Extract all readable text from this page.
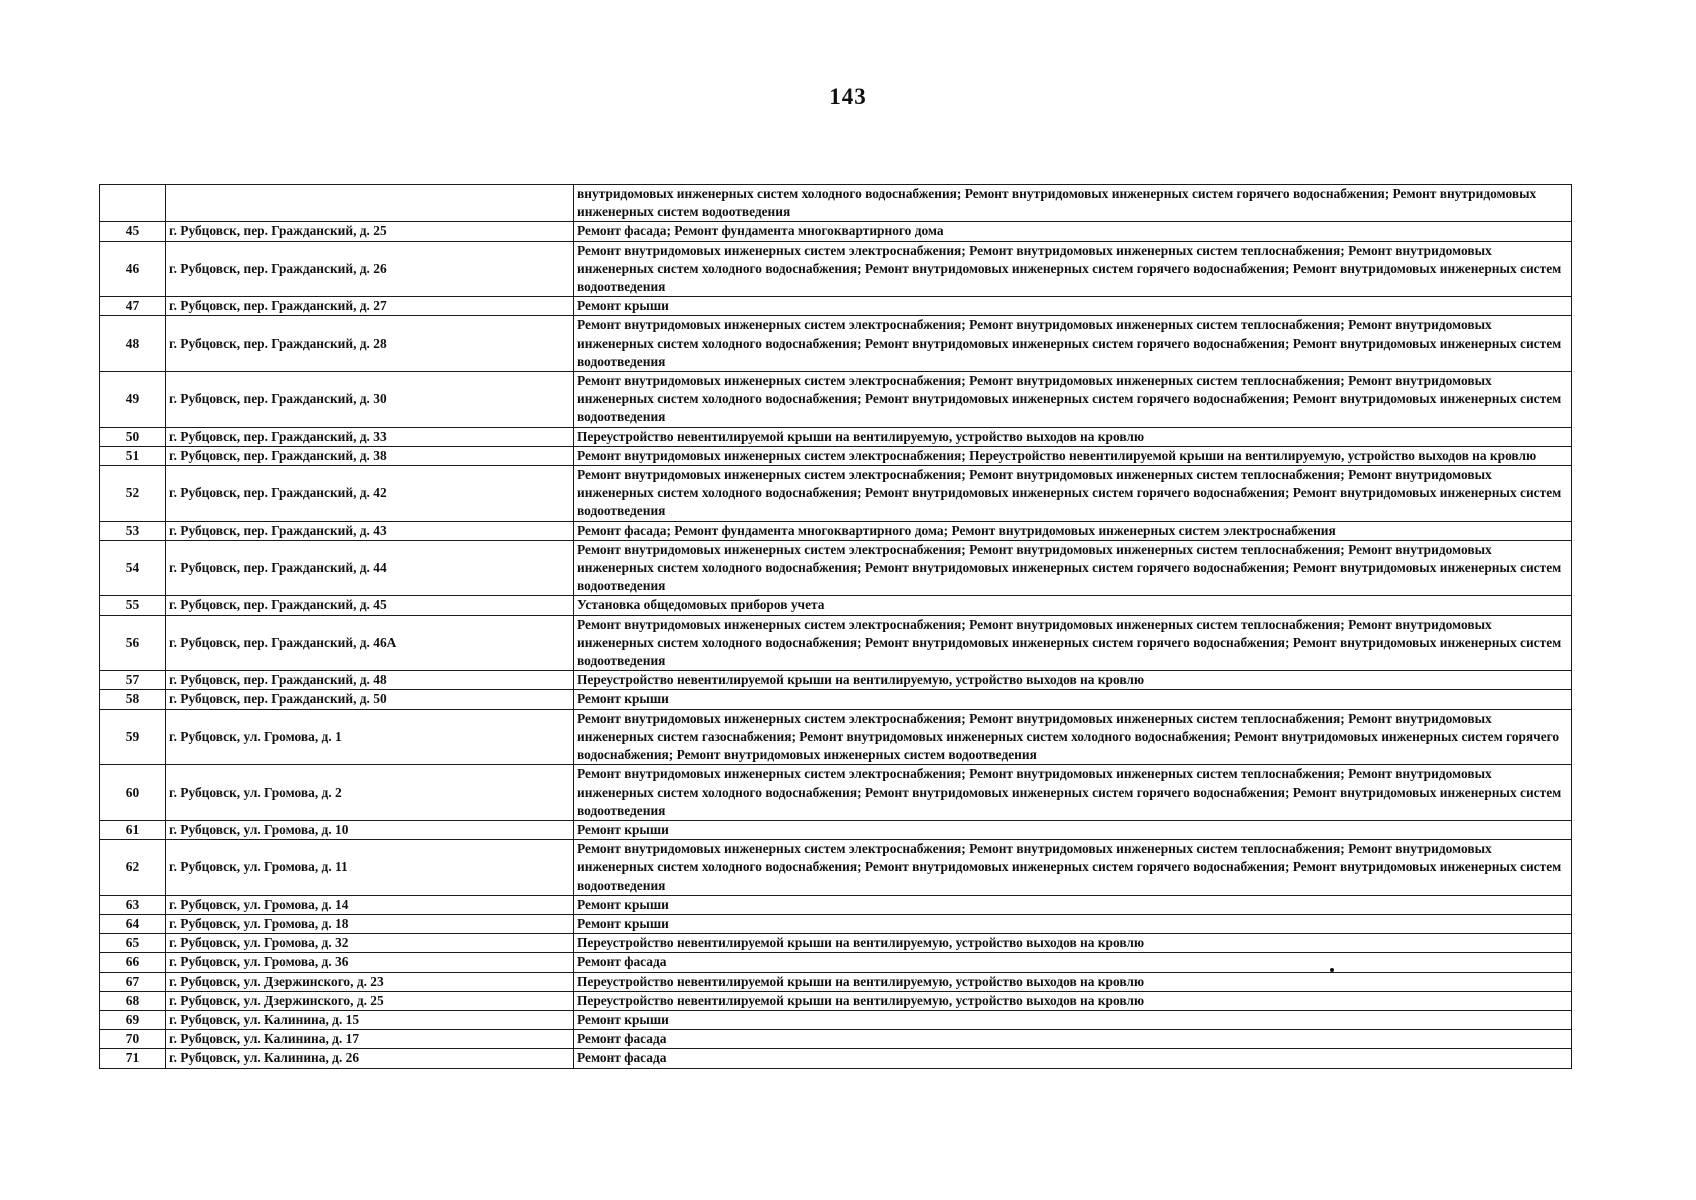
143
		внутридомовых инженерных систем холодного водоснабжения; Ремонт внутридомовых инженерных систем горячего водоснабжения; Ремонт внутридомовых инженерных систем водоотведения
45	г. Рубцовск, пер. Гражданский, д. 25	Ремонт фасада; Ремонт фундамента многоквартирного дома
46	г. Рубцовск, пер. Гражданский, д. 26	Ремонт внутридомовых инженерных систем электроснабжения; Ремонт внутридомовых инженерных систем теплоснабжения; Ремонт внутридомовых инженерных систем холодного водоснабжения; Ремонт внутридомовых инженерных систем горячего водоснабжения; Ремонт внутридомовых инженерных систем водоотведения
47	г. Рубцовск, пер. Гражданский, д. 27	Ремонт крыши
48	г. Рубцовск, пер. Гражданский, д. 28	Ремонт внутридомовых инженерных систем электроснабжения; Ремонт внутридомовых инженерных систем теплоснабжения; Ремонт внутридомовых инженерных систем холодного водоснабжения; Ремонт внутридомовых инженерных систем горячего водоснабжения; Ремонт внутридомовых инженерных систем водоотведения
49	г. Рубцовск, пер. Гражданский, д. 30	Ремонт внутридомовых инженерных систем электроснабжения; Ремонт внутридомовых инженерных систем теплоснабжения; Ремонт внутридомовых инженерных систем холодного водоснабжения; Ремонт внутридомовых инженерных систем горячего водоснабжения; Ремонт внутридомовых инженерных систем водоотведения
50	г. Рубцовск, пер. Гражданский, д. 33	Переустройство невентилируемой крыши на вентилируемую, устройство выходов на кровлю
51	г. Рубцовск, пер. Гражданский, д. 38	Ремонт внутридомовых инженерных систем электроснабжения; Переустройство невентилируемой крыши на вентилируемую, устройство выходов на кровлю
52	г. Рубцовск, пер. Гражданский, д. 42	Ремонт внутридомовых инженерных систем электроснабжения; Ремонт внутридомовых инженерных систем теплоснабжения; Ремонт внутридомовых инженерных систем холодного водоснабжения; Ремонт внутридомовых инженерных систем горячего водоснабжения; Ремонт внутридомовых инженерных систем водоотведения
53	г. Рубцовск, пер. Гражданский, д. 43	Ремонт фасада; Ремонт фундамента многоквартирного дома; Ремонт внутридомовых инженерных систем электроснабжения
54	г. Рубцовск, пер. Гражданский, д. 44	Ремонт внутридомовых инженерных систем электроснабжения; Ремонт внутридомовых инженерных систем теплоснабжения; Ремонт внутридомовых инженерных систем холодного водоснабжения; Ремонт внутридомовых инженерных систем горячего водоснабжения; Ремонт внутридомовых инженерных систем водоотведения
55	г. Рубцовск, пер. Гражданский, д. 45	Установка общедомовых приборов учета
56	г. Рубцовск, пер. Гражданский, д. 46А	Ремонт внутридомовых инженерных систем электроснабжения; Ремонт внутридомовых инженерных систем теплоснабжения; Ремонт внутридомовых инженерных систем холодного водоснабжения; Ремонт внутридомовых инженерных систем горячего водоснабжения; Ремонт внутридомовых инженерных систем водоотведения
57	г. Рубцовск, пер. Гражданский, д. 48	Переустройство невентилируемой крыши на вентилируемую, устройство выходов на кровлю
58	г. Рубцовск, пер. Гражданский, д. 50	Ремонт крыши
59	г. Рубцовск, ул. Громова, д. 1	Ремонт внутридомовых инженерных систем электроснабжения; Ремонт внутридомовых инженерных систем теплоснабжения; Ремонт внутридомовых инженерных систем газоснабжения; Ремонт внутридомовых инженерных систем холодного водоснабжения; Ремонт внутридомовых инженерных систем горячего водоснабжения; Ремонт внутридомовых инженерных систем водоотведения
60	г. Рубцовск, ул. Громова, д. 2	Ремонт внутридомовых инженерных систем электроснабжения; Ремонт внутридомовых инженерных систем теплоснабжения; Ремонт внутридомовых инженерных систем холодного водоснабжения; Ремонт внутридомовых инженерных систем горячего водоснабжения; Ремонт внутридомовых инженерных систем водоотведения
61	г. Рубцовск, ул. Громова, д. 10	Ремонт крыши
62	г. Рубцовск, ул. Громова, д. 11	Ремонт внутридомовых инженерных систем электроснабжения; Ремонт внутридомовых инженерных систем теплоснабжения; Ремонт внутридомовых инженерных систем холодного водоснабжения; Ремонт внутридомовых инженерных систем горячего водоснабжения; Ремонт внутридомовых инженерных систем водоотведения
63	г. Рубцовск, ул. Громова, д. 14	Ремонт крыши
64	г. Рубцовск, ул. Громова, д. 18	Ремонт крыши
65	г. Рубцовск, ул. Громова, д. 32	Переустройство невентилируемой крыши на вентилируемую, устройство выходов на кровлю
66	г. Рубцовск, ул. Громова, д. 36	Ремонт фасада
67	г. Рубцовск, ул. Дзержинского, д. 23	Переустройство невентилируемой крыши на вентилируемую, устройство выходов на кровлю
68	г. Рубцовск, ул. Дзержинского, д. 25	Переустройство невентилируемой крыши на вентилируемую, устройство выходов на кровлю
69	г. Рубцовск, ул. Калинина, д. 15	Ремонт крыши
70	г. Рубцовск, ул. Калинина, д. 17	Ремонт фасада
71	г. Рубцовск, ул. Калинина, д. 26	Ремонт фасада
